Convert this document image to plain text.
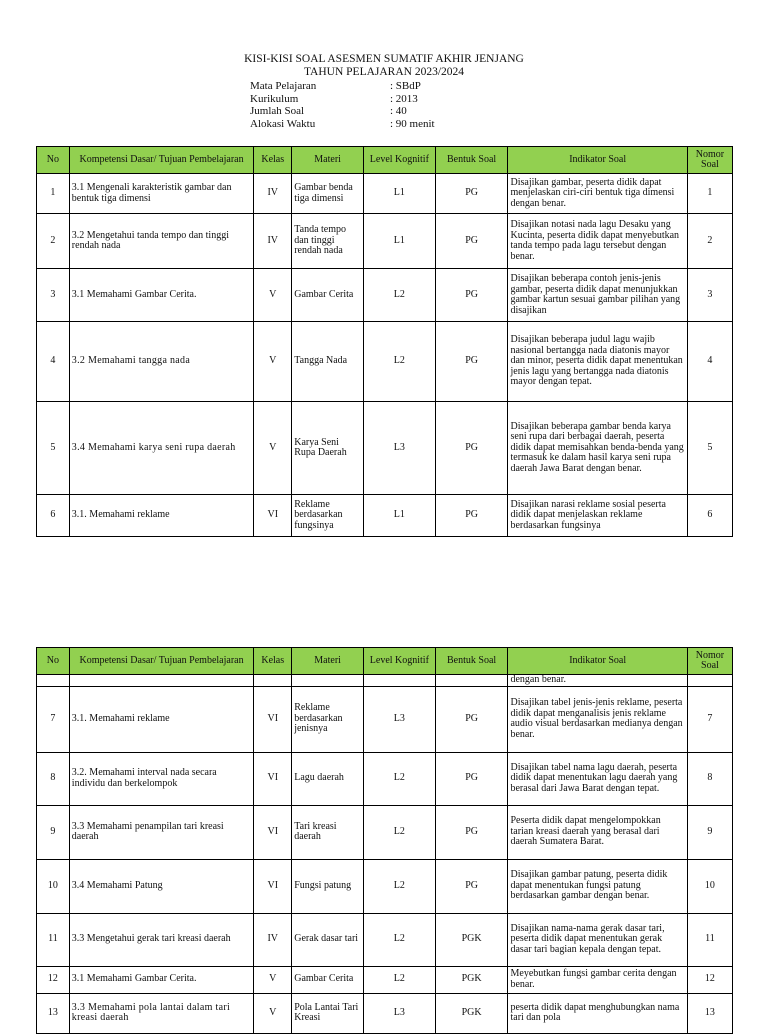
KISI-KISI SOAL ASESMEN SUMATIF AKHIR JENJANG
TAHUN PELAJARAN 2023/2024
Mata Pelajaran	: SBdP
Kurikulum	: 2013
Jumlah Soal	: 40
Alokasi Waktu	: 90 menit
No	Kompetensi Dasar/ Tujuan Pembelajaran	Kelas	Materi	Level Kognitif	Bentuk Soal	Indikator Soal	Nomor Soal
1	3.1 Mengenali karakteristik gambar dan bentuk tiga dimensi	IV	Gambar benda tiga dimensi	L1	PG	Disajikan gambar, peserta didik dapat menjelaskan ciri-ciri bentuk tiga dimensi dengan benar.	1
2	3.2 Mengetahui tanda tempo dan tinggi rendah nada	IV	Tanda tempo dan tinggi rendah nada	L1	PG	Disajikan notasi nada lagu Desaku yang Kucinta, peserta didik dapat menyebutkan tanda tempo pada lagu tersebut dengan benar.	2
3	3.1 Memahami Gambar Cerita.	V	Gambar Cerita	L2	PG	Disajikan beberapa contoh jenis-jenis gambar, peserta didik dapat menunjukkan gambar kartun sesuai gambar pilihan yang disajikan	3
4	3.2 Memahami tangga nada	V	Tangga Nada	L2	PG	Disajikan beberapa judul lagu wajib nasional bertangga nada diatonis mayor dan minor, peserta didik dapat menentukan jenis lagu yang bertangga nada diatonis mayor dengan tepat.	4
5	3.4 Memahami karya seni rupa daerah	V	Karya Seni Rupa Daerah	L3	PG	Disajikan beberapa gambar benda karya seni rupa dari berbagai daerah, peserta didik dapat memisahkan benda-benda yang termasuk ke dalam hasil karya seni rupa daerah Jawa Barat dengan benar.	5
6	3.1. Memahami reklame	VI	Reklame berdasarkan fungsinya	L1	PG	Disajikan narasi reklame sosial peserta didik dapat menjelaskan reklame berdasarkan fungsinya	6
No	Kompetensi Dasar/ Tujuan Pembelajaran	Kelas	Materi	Level Kognitif	Bentuk Soal	Indikator Soal	Nomor Soal
						dengan benar.	
7	3.1. Memahami reklame	VI	Reklame berdasarkan jenisnya	L3	PG	Disajikan tabel jenis-jenis reklame, peserta didik dapat menganalisis jenis reklame audio visual berdasarkan medianya dengan benar.	7
8	3.2. Memahami interval nada secara individu dan berkelompok	VI	Lagu daerah	L2	PG	Disajikan tabel nama lagu daerah, peserta didik dapat menentukan lagu daerah yang berasal dari Jawa Barat dengan tepat.	8
9	3.3 Memahami penampilan tari kreasi daerah	VI	Tari kreasi daerah	L2	PG	Peserta didik dapat mengelompokkan tarian kreasi daerah yang berasal dari daerah Sumatera Barat.	9
10	3.4 Memahami Patung	VI	Fungsi patung	L2	PG	Disajikan gambar patung, peserta didik dapat menentukan fungsi patung berdasarkan gambar dengan benar.	10
11	3.3 Mengetahui gerak tari kreasi daerah	IV	Gerak dasar tari	L2	PGK	Disajikan nama-nama gerak dasar tari, peserta didik dapat menentukan gerak dasar tari bagian kepala dengan tepat.	11
12	3.1 Memahami Gambar Cerita.	V	Gambar Cerita	L2	PGK	Meyebutkan fungsi gambar cerita dengan benar.	12
13	3.3 Memahami pola lantai dalam tari kreasi daerah	V	Pola Lantai Tari Kreasi	L3	PGK	peserta didik dapat menghubungkan nama tari dan pola	13
